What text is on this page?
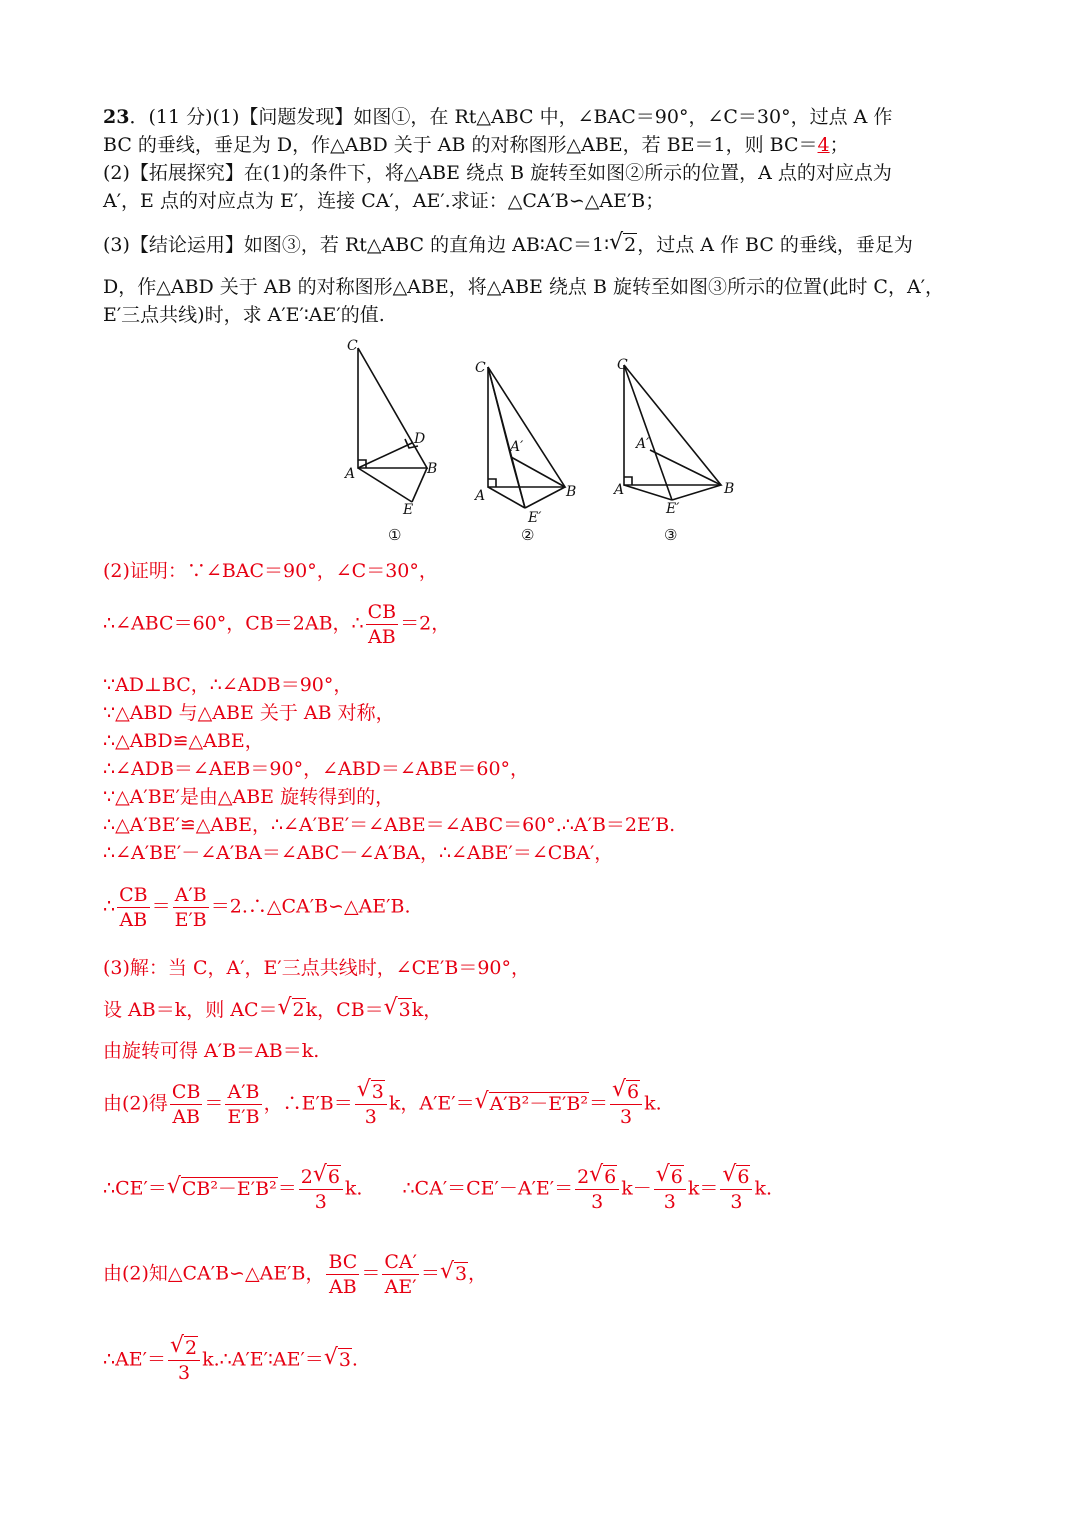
23．(11 分)(1)【问题发现】如图①，在 Rt△ABC 中，∠BAC＝90°，∠C＝30°，过点 A 作
BC 的垂线，垂足为 D，作△ABD 关于 AB 的对称图形△ABE，若 BE＝1，则 BC＝4；
(2)【拓展探究】在(1)的条件下，将△ABE 绕点 B 旋转至如图②所示的位置，A 点的对应点为
A′，E 点的对应点为 E′，连接 CA′，AE′.求证：△CA′B∽△AE′B；
(3)【结论运用】如图③，若 Rt△ABC 的直角边 AB∶AC＝1∶ √ 2，过点 A 作 BC 的垂线，垂足为
D，作△ABD 关于 AB 的对称图形△ABE，将△ABE 绕点 B 旋转至如图③所示的位置(此时 C，A′，
E′三点共线)时，求 A′E′∶AE′的值.
C
D
A	B
E
①
C
A′
A	B
E′
②
C
A′
A	B
E′
③
(2)证明：∵∠BAC＝90°，∠C＝30°，
∴∠ABC＝60°，CB＝2AB，∴ $\frac{CB}{AB} =2$，
∵AD⊥BC，∴∠ADB＝90°，
∵△ABD 与△ABE 关于 AB 对称，
∴△ABD≌△ABE，
∴∠ADB＝∠AEB＝90°，∠ABD＝∠ABE＝60°，
∵△A′BE′是由△ABE 旋转得到的，
∴△A′BE′≌△ABE，∴∠A′BE′＝∠ABE＝∠ABC＝60°.∴A′B＝2E′B.
∴∠A′BE′－∠A′BA＝∠ABC－∠A′BA，∴∠ABE′＝∠CBA′，
∴ $\frac{CB}{AB} = \frac{A'B}{E'B}$ ＝2.∴△CA′B∽△AE′B.
(3)解：当 C，A′，E′三点共线时，∠CE′B＝90°，
设 AB＝k，则 AC＝ √ 2k，CB＝ √ 3k，
由旋转可得 A′B＝AB＝k.
由(2)得 $\frac{CB}{AB} = \frac{A'B}{E'B}$ ，∴E′B＝ √ $\frac{3}{3}$ k，A′E′＝ √ A′B²－E′B²＝ √ $\frac{6}{3} k$.
∴CE′＝ √ $CB^2-E'B^2= \frac{2 √ 6}{3} k$. ∴CA′＝CE′－A′E′＝ $\frac{2 √ 6}{3} k-$ √ $\frac{6}{3} k=$ √ $\frac{6}{3} k$.
由(2)知△CA′B∽△AE′B， $\frac{BC}{AB} = \frac{CA'}{AE'}$ ＝ √ 3，
∴AE′＝ √ $\frac{2}{3}$ k.∴A′E′∶AE′＝ √ 3.
